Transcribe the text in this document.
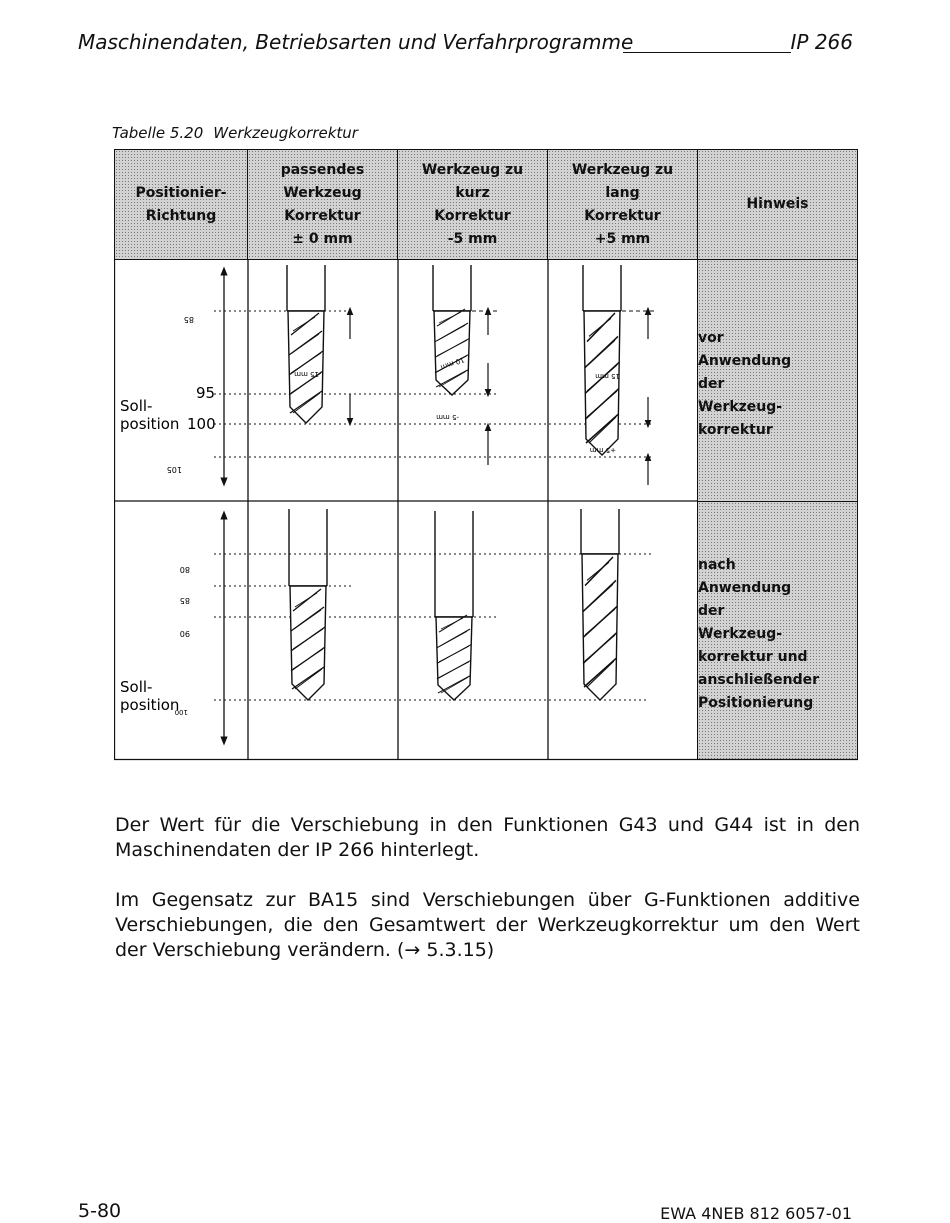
Maschinendaten, Betriebsarten und Verfahrprogramme	IP 266
Tabelle 5.20 Werkzeugkorrektur
Positionier-
Richtung
passendes
Werkzeug
Korrektur
± 0 mm
Werkzeug zu
kurz
Korrektur
-5 mm
Werkzeug zu
lang
Korrektur
+5 mm
Hinweis
vor
Anwendung
der
Werkzeug-
korrektur
nach
Anwendung
der
Werkzeug-
korrektur und
anschließender
Positionierung
85
95
100
105
Soll-
position
15 mm
10 mm
-5 mm
15 mm
+5 mm
80
85
90
100
Soll-
position
Der Wert für die Verschiebung in den Funktionen G43 und G44 ist in den Maschinendaten der IP 266 hinterlegt.
Im Gegensatz zur BA15 sind Verschiebungen über G-Funktionen additive Verschiebungen, die den Gesamtwert der Werkzeugkorrektur um den Wert der Verschiebung verändern. (→ 5.3.15)
5-80	EWA 4NEB 812 6057-01
